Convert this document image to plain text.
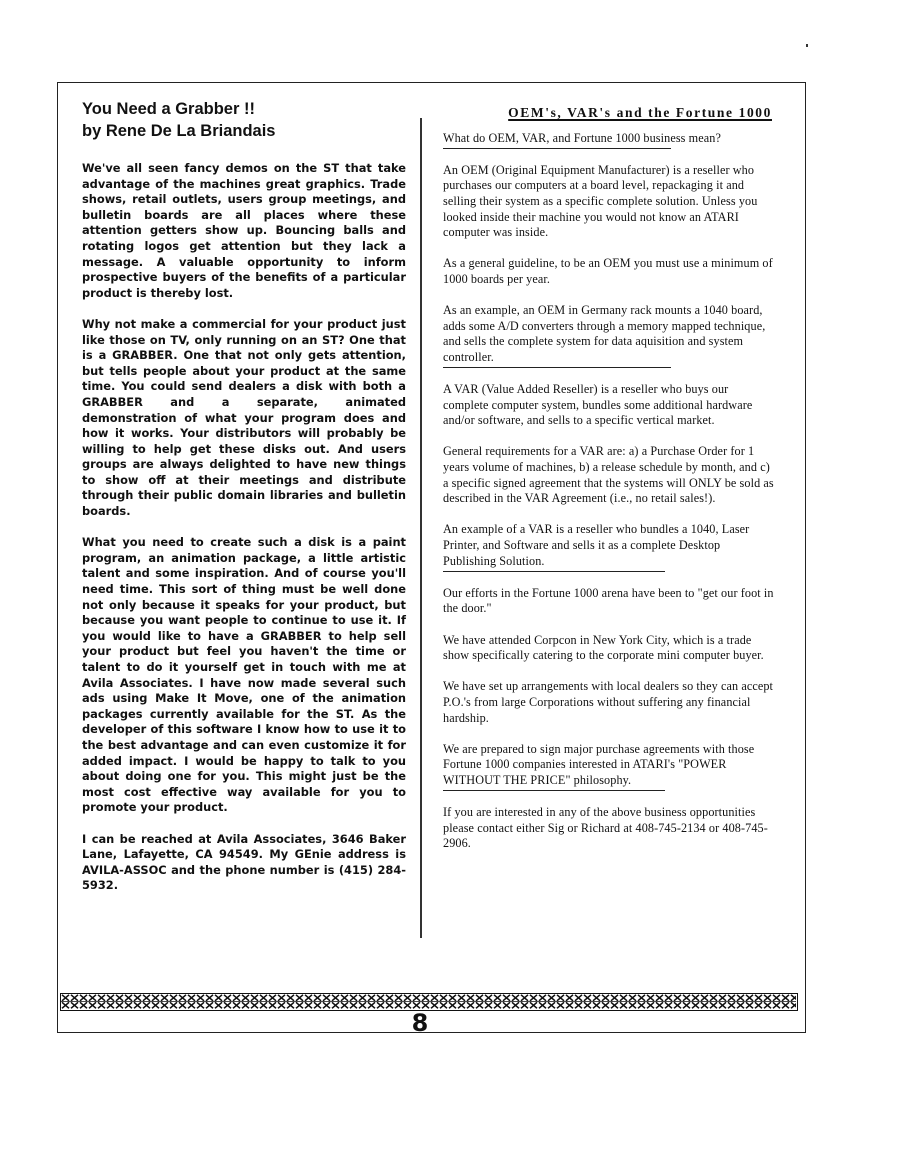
You Need a Grabber !!

by Rene De La Briandais

We've all seen fancy demos on the ST that take advantage of the machines great graphics. Trade shows, retail outlets, users group meetings, and bulletin boards are all places where these attention getters show up. Bouncing balls and rotating logos get attention but they lack a message. A valuable opportunity to inform prospective buyers of the benefits of a particular product is thereby lost.

Why not make a commercial for your product just like those on TV, only running on an ST? One that is a GRABBER. One that not only gets attention, but tells people about your product at the same time. You could send dealers a disk with both a GRABBER and a separate, animated demonstration of what your program does and how it works. Your distributors will probably be willing to help get these disks out. And users groups are always delighted to have new things to show off at their meetings and distribute through their public domain libraries and bulletin boards.

What you need to create such a disk is a paint program, an animation package, a little artistic talent and some inspiration. And of course you'll need time. This sort of thing must be well done not only because it speaks for your product, but because you want people to continue to use it. If you would like to have a GRABBER to help sell your product but feel you haven't the time or talent to do it yourself get in touch with me at Avila Associates. I have now made several such ads using Make It Move, one of the animation packages currently available for the ST. As the developer of this software I know how to use it to the best advantage and can even customize it for added impact. I would be happy to talk to you about doing one for you. This might just be the most cost effective way available for you to promote your product.

I can be reached at Avila Associates, 3646 Baker Lane, Lafayette, CA 94549. My GEnie address is AVILA-ASSOC and the phone number is (415) 284-5932.

OEM's, VAR's and the Fortune 1000

What do OEM, VAR, and Fortune 1000 business mean?

An OEM (Original Equipment Manufacturer) is a reseller who purchases our computers at a board level, repackaging it and selling their system as a specific complete solution. Unless you looked inside their machine you would not know an ATARI computer was inside.

As a general guideline, to be an OEM you must use a minimum of 1000 boards per year.

As an example, an OEM in Germany rack mounts a 1040 board, adds some A/D converters through a memory mapped technique, and sells the complete system for data aquisition and system controller.

A VAR (Value Added Reseller) is a reseller who buys our complete computer system, bundles some additional hardware and/or software, and sells to a specific vertical market.

General requirements for a VAR are: a) a Purchase Order for 1 years volume of machines, b) a release schedule by month, and c) a specific signed agreement that the systems will ONLY be sold as described in the VAR Agreement (i.e., no retail sales!).

An example of a VAR is a reseller who bundles a 1040, Laser Printer, and Software and sells it as a complete Desktop Publishing Solution.

Our efforts in the Fortune 1000 arena have been to "get our foot in the door."

We have attended Corpcon in New York City, which is a trade show specifically catering to the corporate mini computer buyer.

We have set up arrangements with local dealers so they can accept P.O.'s from large Corporations without suffering any financial hardship.

We are prepared to sign major purchase agreements with those Fortune 1000 companies interested in ATARI's "POWER WITHOUT THE PRICE" philosophy.

If you are interested in any of the above business opportunities please contact either Sig or Richard at 408-745-2134 or 408-745-2906.

8
